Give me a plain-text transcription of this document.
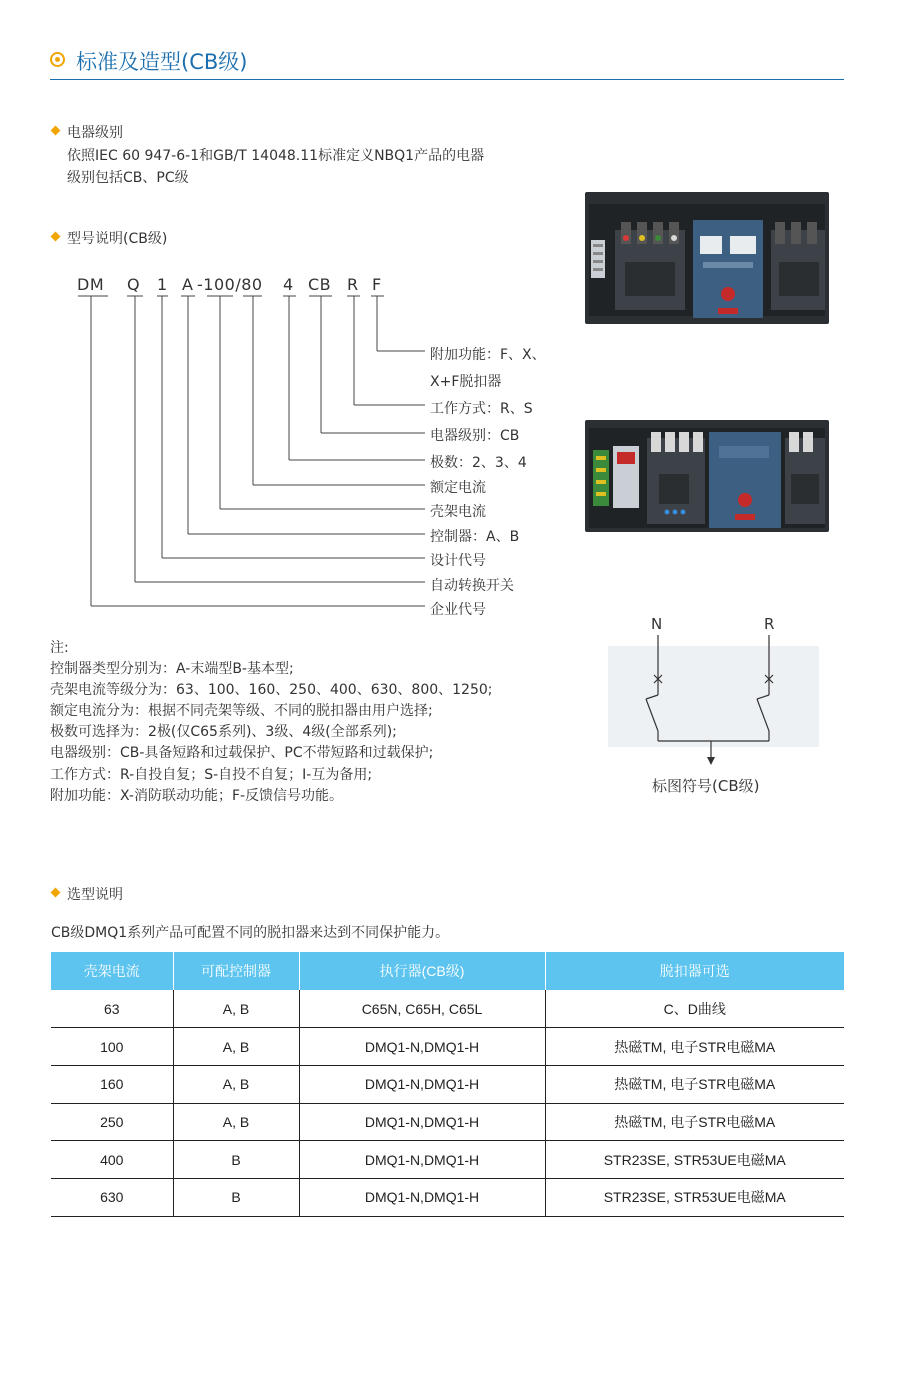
标准及造型(CB级)
电器级别
依照IEC 60 947-6-1和GB/T 14048.11标准定义NBQ1产品的电器
级别包括CB、PC级
型号说明(CB级)
DM Q 1 A -100/80 4 CB R F
附加功能：F、X、
X+F脱扣器
工作方式：R、S
电器级别：CB
极数：2、3、4
额定电流
壳架电流
控制器：A、B
设计代号
自动转换开关
企业代号
N	R
标图符号(CB级)
注:
控制器类型分别为：A-末端型B-基本型;
壳架电流等级分为：63、100、160、250、400、630、800、1250;
额定电流分为：根据不同壳架等级、不同的脱扣器由用户选择;
极数可选择为：2极(仅C65系列)、3级、4级(全部系列);
电器级别：CB-具备短路和过载保护、PC不带短路和过载保护;
工作方式：R-自投自复；S-自投不自复；I-互为备用;
附加功能：X-消防联动功能；F-反馈信号功能。
选型说明
CB级DMQ1系列产品可配置不同的脱扣器来达到不同保护能力。
壳架电流	可配控制器	执行器(CB级)	脱扣器可选
63	A, B	C65N, C65H, C65L	C、D曲线
100	A, B	DMQ1-N,DMQ1-H	热磁TM, 电子STR电磁MA
160	A, B	DMQ1-N,DMQ1-H	热磁TM, 电子STR电磁MA
250	A, B	DMQ1-N,DMQ1-H	热磁TM, 电子STR电磁MA
400	B	DMQ1-N,DMQ1-H	STR23SE, STR53UE电磁MA
630	B	DMQ1-N,DMQ1-H	STR23SE, STR53UE电磁MA
